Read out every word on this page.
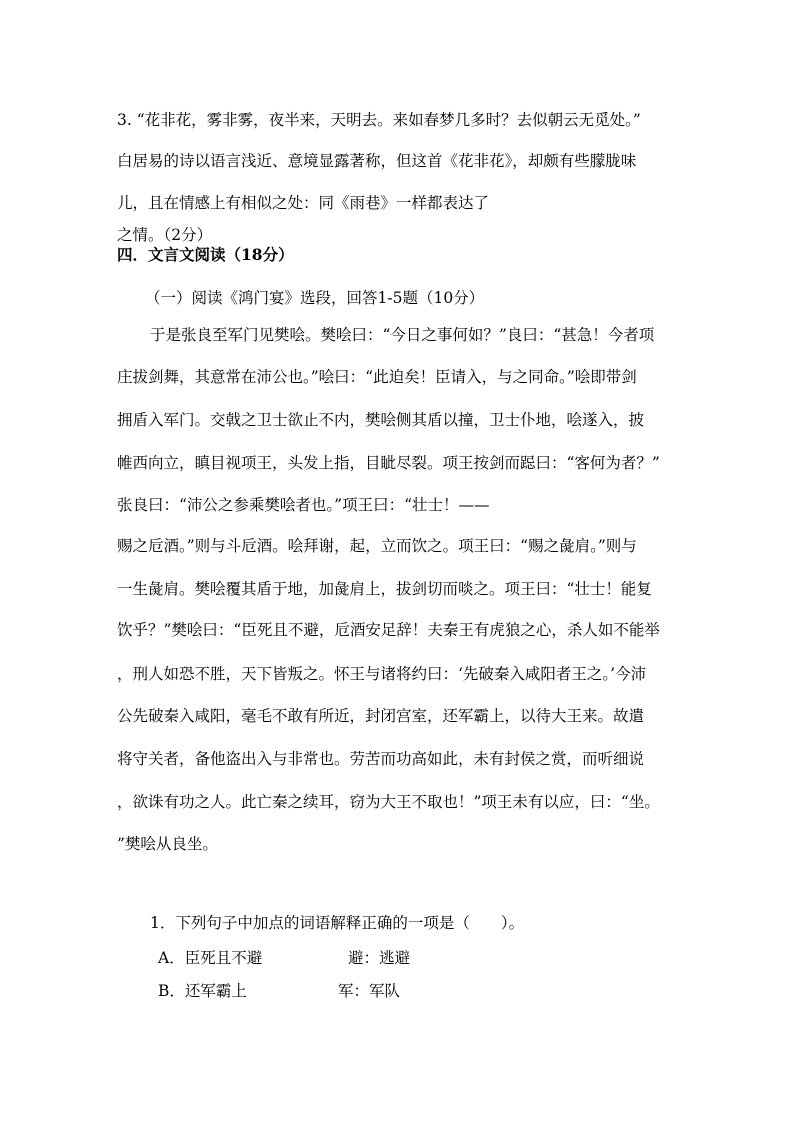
3. “花非花，雾非雾，夜半来，天明去。来如春梦几多时？去似朝云无觅处。”
白居易的诗以语言浅近、意境显露著称，但这首《花非花》，却颇有些朦胧味
儿，且在情感上有相似之处：同《雨巷》一样都表达了
之情。（2分）
四．文言文阅读（18分）
（一）阅读《鸿门宴》选段，回答1-5题（10分）
于是张良至军门见樊哙。樊哙曰：“今日之事何如？”良曰：“甚急！今者项
庄拔剑舞，其意常在沛公也。”哙曰：“此迫矣！臣请入，与之同命。”哙即带剑
拥盾入军门。交戟之卫士欲止不内，樊哙侧其盾以撞，卫士仆地，哙遂入，披
帷西向立，瞋目视项王，头发上指，目眦尽裂。项王按剑而跽曰：“客何为者？”
张良曰：“沛公之参乘樊哙者也。”项王曰：“壮士！——
赐之卮酒。”则与斗卮酒。哙拜谢，起，立而饮之。项王曰：“赐之彘肩。”则与
一生彘肩。樊哙覆其盾于地，加彘肩上，拔剑切而啖之。项王曰：“壮士！能复
饮乎？”樊哙曰：“臣死且不避，卮酒安足辞！夫秦王有虎狼之心，杀人如不能举
，刑人如恐不胜，天下皆叛之。怀王与诸将约曰：‘先破秦入咸阳者王之。’今沛
公先破秦入咸阳，毫毛不敢有所近，封闭宫室，还军霸上，以待大王来。故遣
将守关者，备他盗出入与非常也。劳苦而功高如此，未有封侯之赏，而听细说
，欲诛有功之人。此亡秦之续耳，窃为大王不取也！”项王未有以应，曰：“坐。
”樊哙从良坐。
1．下列句子中加点的词语解释正确的一项是（　　）。
A．臣死且不避	避：逃避
B．还军霸上	军：军队
